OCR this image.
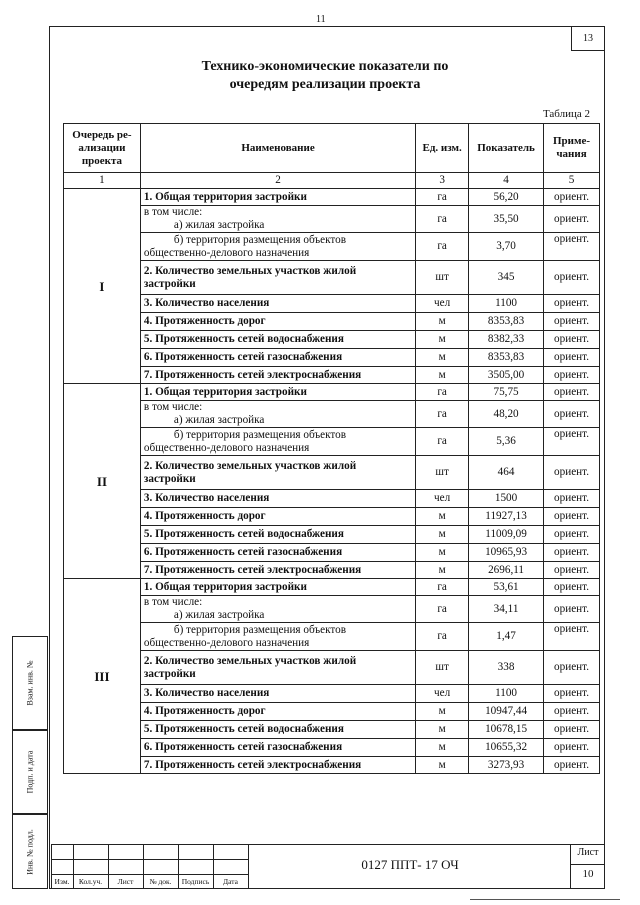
11
13
Технико-экономические показатели по
очередям реализации проекта
Таблица 2
Очередь ре-
ализации
проекта	Наименование	Ед. изм.	Показатель	Приме-
чания
1	2	3	4	5
I	1. Общая территория застройки	га	56,20	ориент.

	в том числе:
а) жилая застройка	га	35,50	ориент.

	б) территория размещения объектов
общественно-делового назначения	га	3,70	ориент.

	2. Количество земельных участков жилой
застройки	шт	345	ориент.

	3. Количество населения	чел	1100	ориент.

	4. Протяженность дорог	м	8353,83	ориент.

	5. Протяженность сетей водоснабжения	м	8382,33	ориент.

	6. Протяженность сетей газоснабжения	м	8353,83	ориент.

	7. Протяженность сетей электроснабжения	м	3505,00	ориент.
II	1. Общая территория застройки	га	75,75	ориент.

	в том числе:
а) жилая застройка	га	48,20	ориент.

	б) территория размещения объектов
общественно-делового назначения	га	5,36	ориент.

	2. Количество земельных участков жилой
застройки	шт	464	ориент.

	3. Количество населения	чел	1500	ориент.

	4. Протяженность дорог	м	11927,13	ориент.

	5. Протяженность сетей водоснабжения	м	11009,09	ориент.

	6. Протяженность сетей газоснабжения	м	10965,93	ориент.

	7. Протяженность сетей электроснабжения	м	2696,11	ориент.
III	1. Общая территория застройки	га	53,61	ориент.

	в том числе:
а) жилая застройка	га	34,11	ориент.

	б) территория размещения объектов
общественно-делового назначения	га	1,47	ориент.

	2. Количество земельных участков жилой
застройки	шт	338	ориент.

	3. Количество населения	чел	1100	ориент.

	4. Протяженность дорог	м	10947,44	ориент.

	5. Протяженность сетей водоснабжения	м	10678,15	ориент.

	6. Протяженность сетей газоснабжения	м	10655,32	ориент.

	7. Протяженность сетей электроснабжения	м	3273,93	ориент.
Взам. инв. №
Подп. и дата
Инв. № подл.
Изм.	Кол.уч.	Лист	№ док.	Подпись	Дата
0127 ППТ- 17 ОЧ
Лист
10
